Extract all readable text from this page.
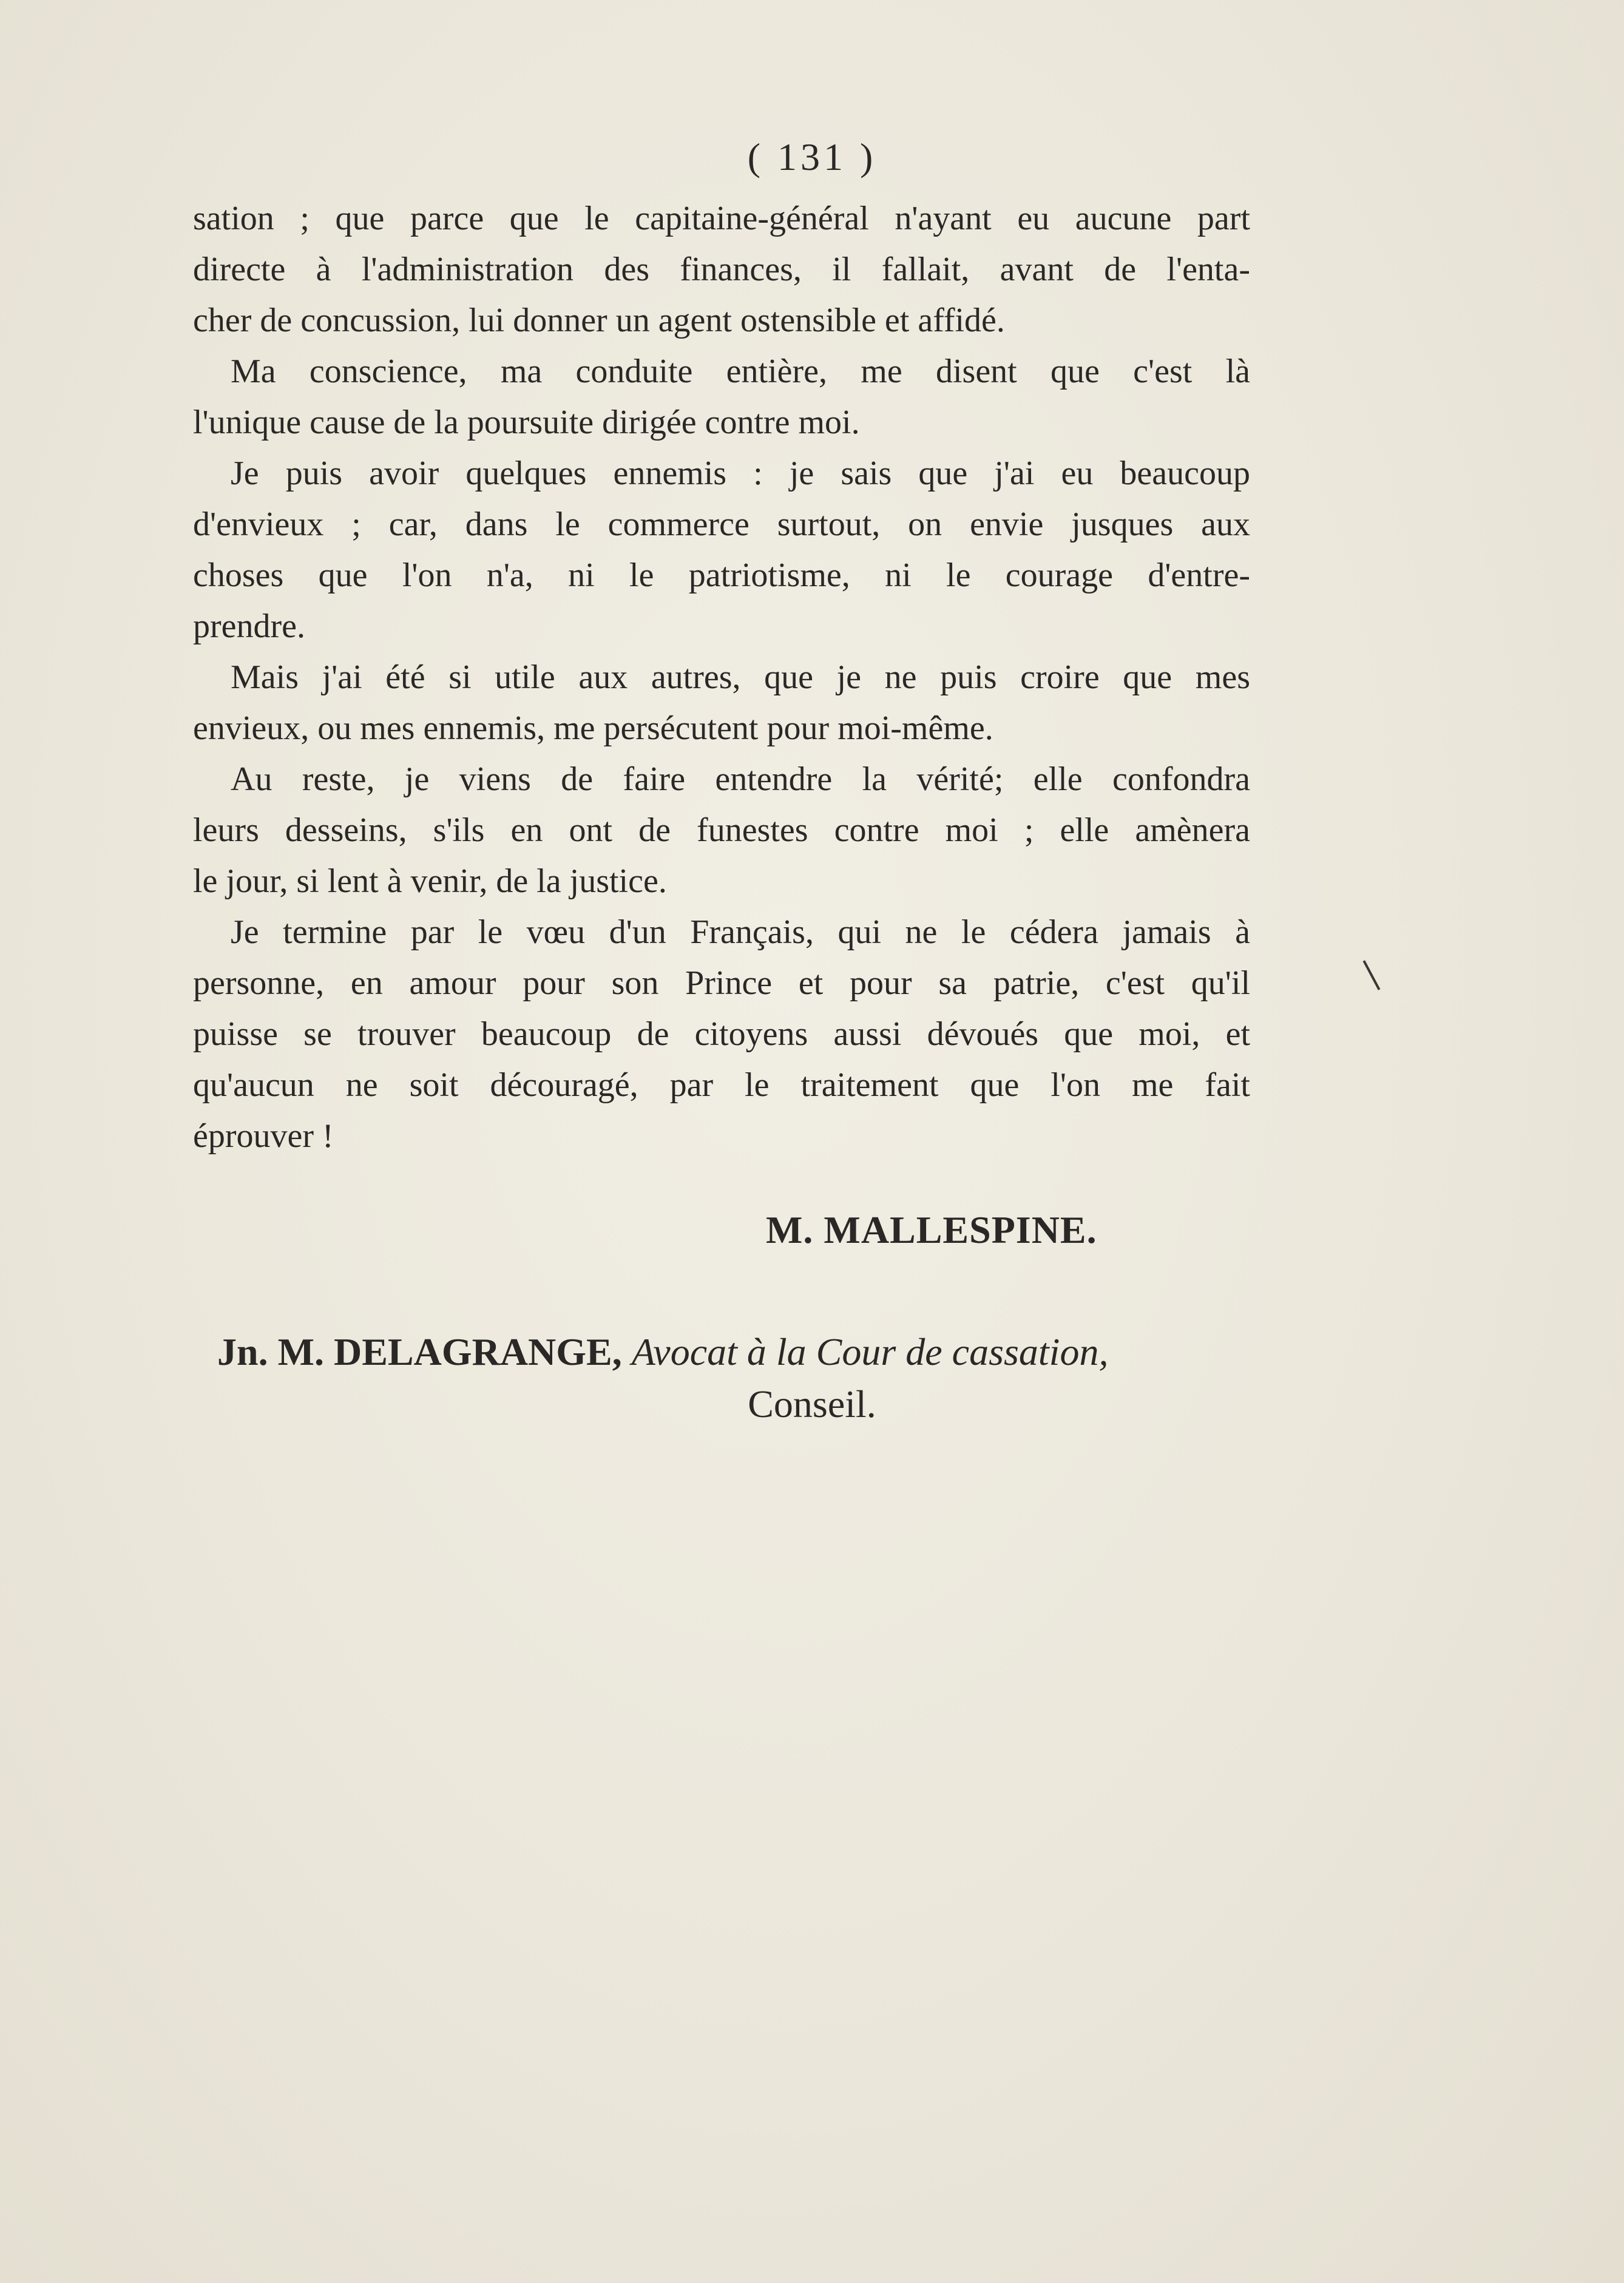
( 131 )
sation ; que parce que le capitaine-général n'ayant eu aucune part
directe à l'administration des finances, il fallait, avant de l'enta-
cher de concussion, lui donner un agent ostensible et affidé.
Ma conscience, ma conduite entière, me disent que c'est là
l'unique cause de la poursuite dirigée contre moi.
Je puis avoir quelques ennemis : je sais que j'ai eu beaucoup
d'envieux ; car, dans le commerce surtout, on envie jusques aux
choses que l'on n'a, ni le patriotisme, ni le courage d'entre-
prendre.
Mais j'ai été si utile aux autres, que je ne puis croire que mes
envieux, ou mes ennemis, me persécutent pour moi-même.
Au reste, je viens de faire entendre la vérité; elle confondra
leurs desseins, s'ils en ont de funestes contre moi ; elle amènera
le jour, si lent à venir, de la justice.
Je termine par le vœu d'un Français, qui ne le cédera jamais à
personne, en amour pour son Prince et pour sa patrie, c'est qu'il
puisse se trouver beaucoup de citoyens aussi dévoués que moi, et
qu'aucun ne soit découragé, par le traitement que l'on me fait
éprouver !
M. MALLESPINE.
Jn. M. DELAGRANGE, Avocat à la Cour de cassation,
Conseil.
